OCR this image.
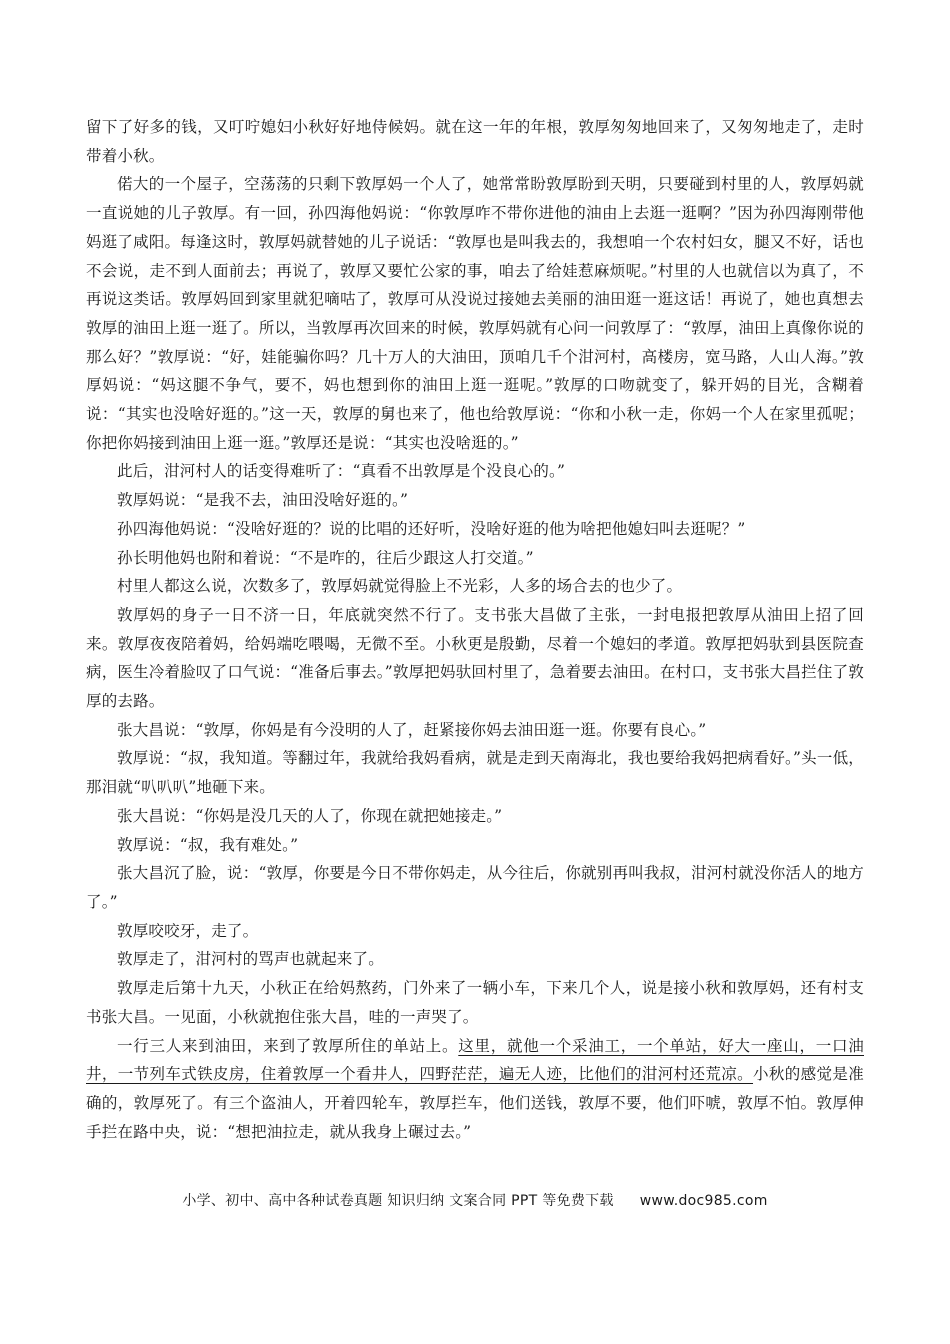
留下了好多的钱，又叮咛媳妇小秋好好地侍候妈。就在这一年的年根，敦厚匆匆地回来了，又匆匆地走了，走时带着小秋。

偌大的一个屋子，空荡荡的只剩下敦厚妈一个人了，她常常盼敦厚盼到天明，只要碰到村里的人，敦厚妈就一直说她的儿子敦厚。有一回，孙四海他妈说：“你敦厚咋不带你进他的油由上去逛一逛啊？”因为孙四海刚带他妈逛了咸阳。每逢这时，敦厚妈就替她的儿子说话：“敦厚也是叫我去的，我想咱一个农村妇女，腿又不好，话也不会说，走不到人面前去；再说了，敦厚又要忙公家的事，咱去了给娃惹麻烦呢。”村里的人也就信以为真了，不再说这类话。敦厚妈回到家里就犯嘀咕了，敦厚可从没说过接她去美丽的油田逛一逛这话！再说了，她也真想去敦厚的油田上逛一逛了。所以，当敦厚再次回来的时候，敦厚妈就有心问一问敦厚了：“敦厚，油田上真像你说的那么好？”敦厚说：“好，娃能骗你吗？几十万人的大油田，顶咱几千个泔河村，高楼房，宽马路，人山人海。”敦厚妈说：“妈这腿不争气，要不，妈也想到你的油田上逛一逛呢。”敦厚的口吻就变了，躲开妈的目光，含糊着说：“其实也没啥好逛的。”这一天，敦厚的舅也来了，他也给敦厚说：“你和小秋一走，你妈一个人在家里孤呢；你把你妈接到油田上逛一逛。”敦厚还是说：“其实也没啥逛的。”

此后，泔河村人的话变得难听了：“真看不出敦厚是个没良心的。”

敦厚妈说：“是我不去，油田没啥好逛的。”

孙四海他妈说：“没啥好逛的？说的比唱的还好听，没啥好逛的他为啥把他媳妇叫去逛呢？”

孙长明他妈也附和着说：“不是咋的，往后少跟这人打交道。”

村里人都这么说，次数多了，敦厚妈就觉得脸上不光彩，人多的场合去的也少了。

敦厚妈的身子一日不济一日，年底就突然不行了。支书张大昌做了主张，一封电报把敦厚从油田上招了回来。敦厚夜夜陪着妈，给妈端吃喂喝，无微不至。小秋更是殷勤，尽着一个媳妇的孝道。敦厚把妈驮到县医院查病，医生冷着脸叹了口气说：“准备后事去。”敦厚把妈驮回村里了，急着要去油田。在村口，支书张大昌拦住了敦厚的去路。

张大昌说：“敦厚，你妈是有今没明的人了，赶紧接你妈去油田逛一逛。你要有良心。”

敦厚说：“叔，我知道。等翻过年，我就给我妈看病，就是走到天南海北，我也要给我妈把病看好。”头一低，那泪就“叭叭叭”地砸下来。

张大昌说：“你妈是没几天的人了，你现在就把她接走。”

敦厚说：“叔，我有难处。”

张大昌沉了脸，说：“敦厚，你要是今日不带你妈走，从今往后，你就别再叫我叔，泔河村就没你活人的地方了。”

敦厚咬咬牙，走了。

敦厚走了，泔河村的骂声也就起来了。

敦厚走后第十九天，小秋正在给妈熬药，门外来了一辆小车，下来几个人，说是接小秋和敦厚妈，还有村支书张大昌。一见面，小秋就抱住张大昌，哇的一声哭了。

一行三人来到油田，来到了敦厚所住的单站上。这里，就他一个采油工，一个单站，好大一座山，一口油井，一节列车式铁皮房，住着敦厚一个看井人，四野茫茫，遍无人迹，比他们的泔河村还荒凉。小秋的感觉是准确的，敦厚死了。有三个盗油人，开着四轮车，敦厚拦车，他们送钱，敦厚不要，他们吓唬，敦厚不怕。敦厚伸手拦在路中央，说：“想把油拉走，就从我身上碾过去。”

小学、初中、高中各种试卷真题 知识归纳 文案合同 PPT 等免费下载 www.doc985.com
